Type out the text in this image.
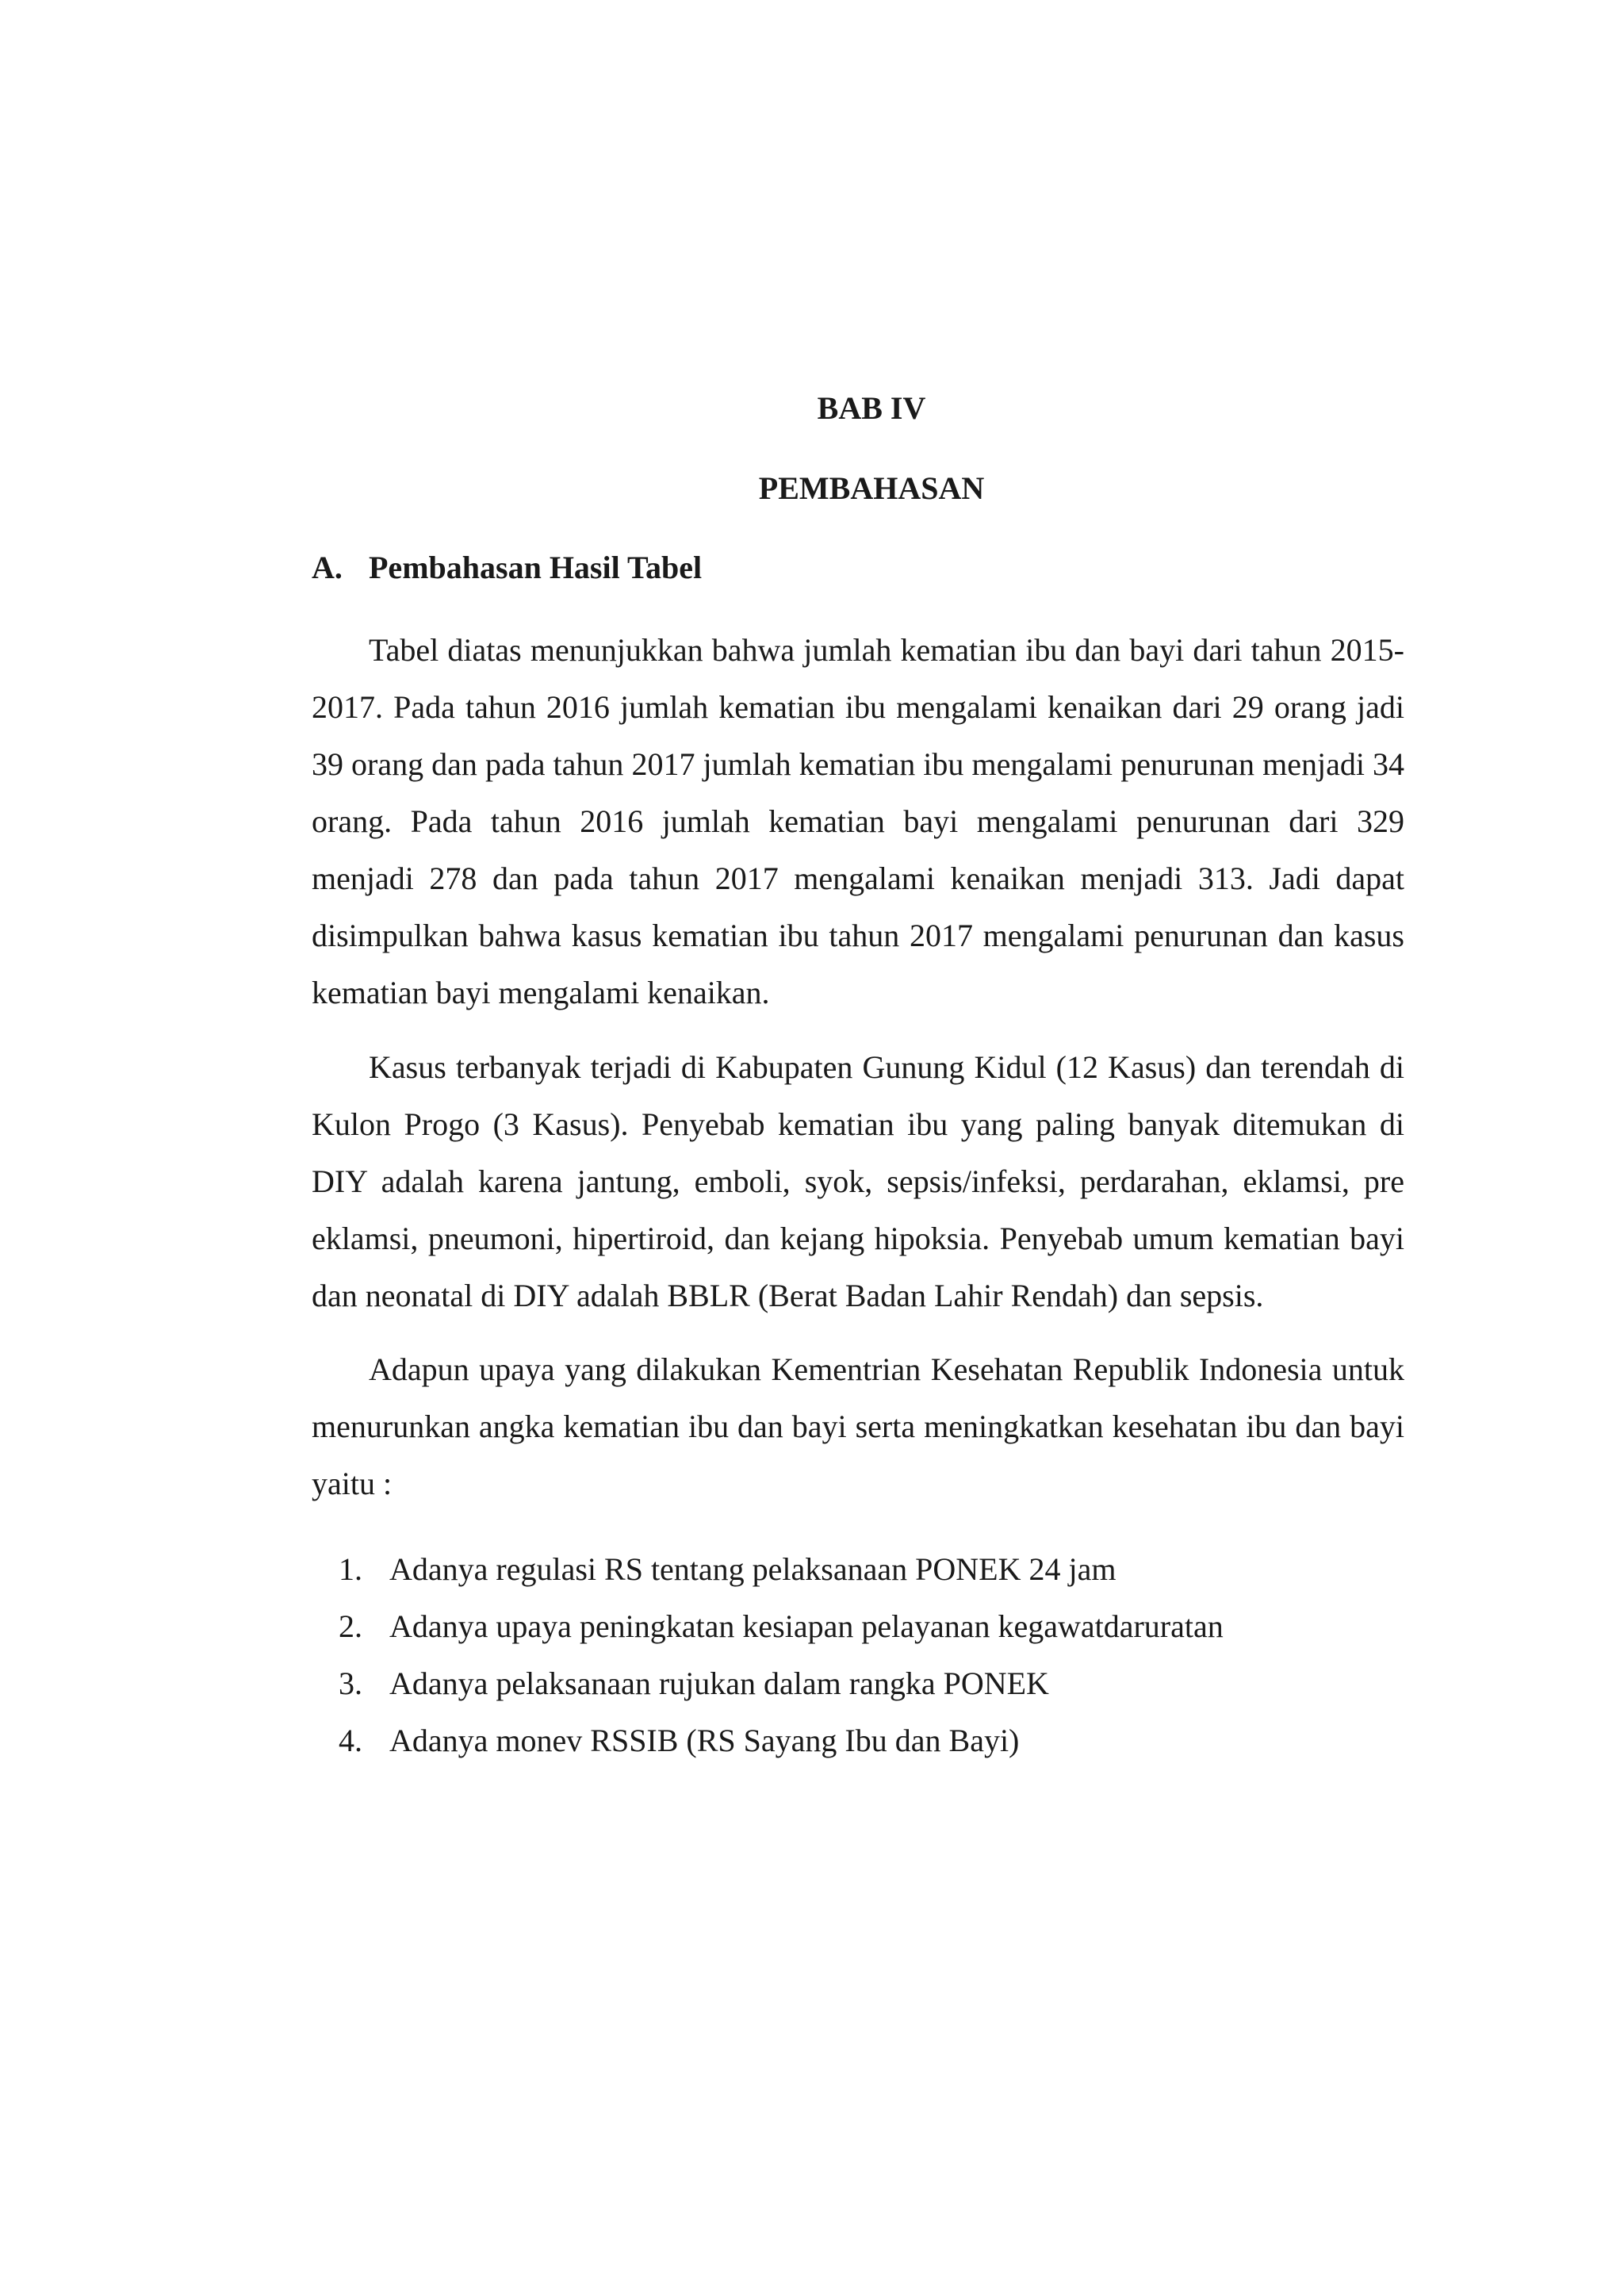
BAB IV
PEMBAHASAN
A. Pembahasan Hasil Tabel

Tabel diatas menunjukkan bahwa jumlah kematian ibu dan bayi dari tahun 2015-2017. Pada tahun 2016 jumlah kematian ibu mengalami kenaikan dari 29 orang jadi 39 orang dan pada tahun 2017 jumlah kematian ibu mengalami penurunan menjadi 34 orang. Pada tahun 2016 jumlah kematian bayi mengalami penurunan dari 329 menjadi 278 dan pada tahun 2017 mengalami kenaikan menjadi 313. Jadi dapat disimpulkan bahwa kasus kematian ibu tahun 2017 mengalami penurunan dan kasus kematian bayi mengalami kenaikan.

Kasus terbanyak terjadi di Kabupaten Gunung Kidul (12 Kasus) dan terendah di Kulon Progo (3 Kasus). Penyebab kematian ibu yang paling banyak ditemukan di DIY adalah karena jantung, emboli, syok, sepsis/infeksi, perdarahan, eklamsi, pre eklamsi, pneumoni, hipertiroid, dan kejang hipoksia. Penyebab umum kematian bayi dan neonatal di DIY adalah BBLR (Berat Badan Lahir Rendah) dan sepsis.

Adapun upaya yang dilakukan Kementrian Kesehatan Republik Indonesia untuk menurunkan angka kematian ibu dan bayi serta meningkatkan kesehatan ibu dan bayi yaitu :

1. Adanya regulasi RS tentang pelaksanaan PONEK 24 jam
2. Adanya upaya peningkatan kesiapan pelayanan kegawatdaruratan
3. Adanya pelaksanaan rujukan dalam rangka PONEK
4. Adanya monev RSSIB (RS Sayang Ibu dan Bayi)
